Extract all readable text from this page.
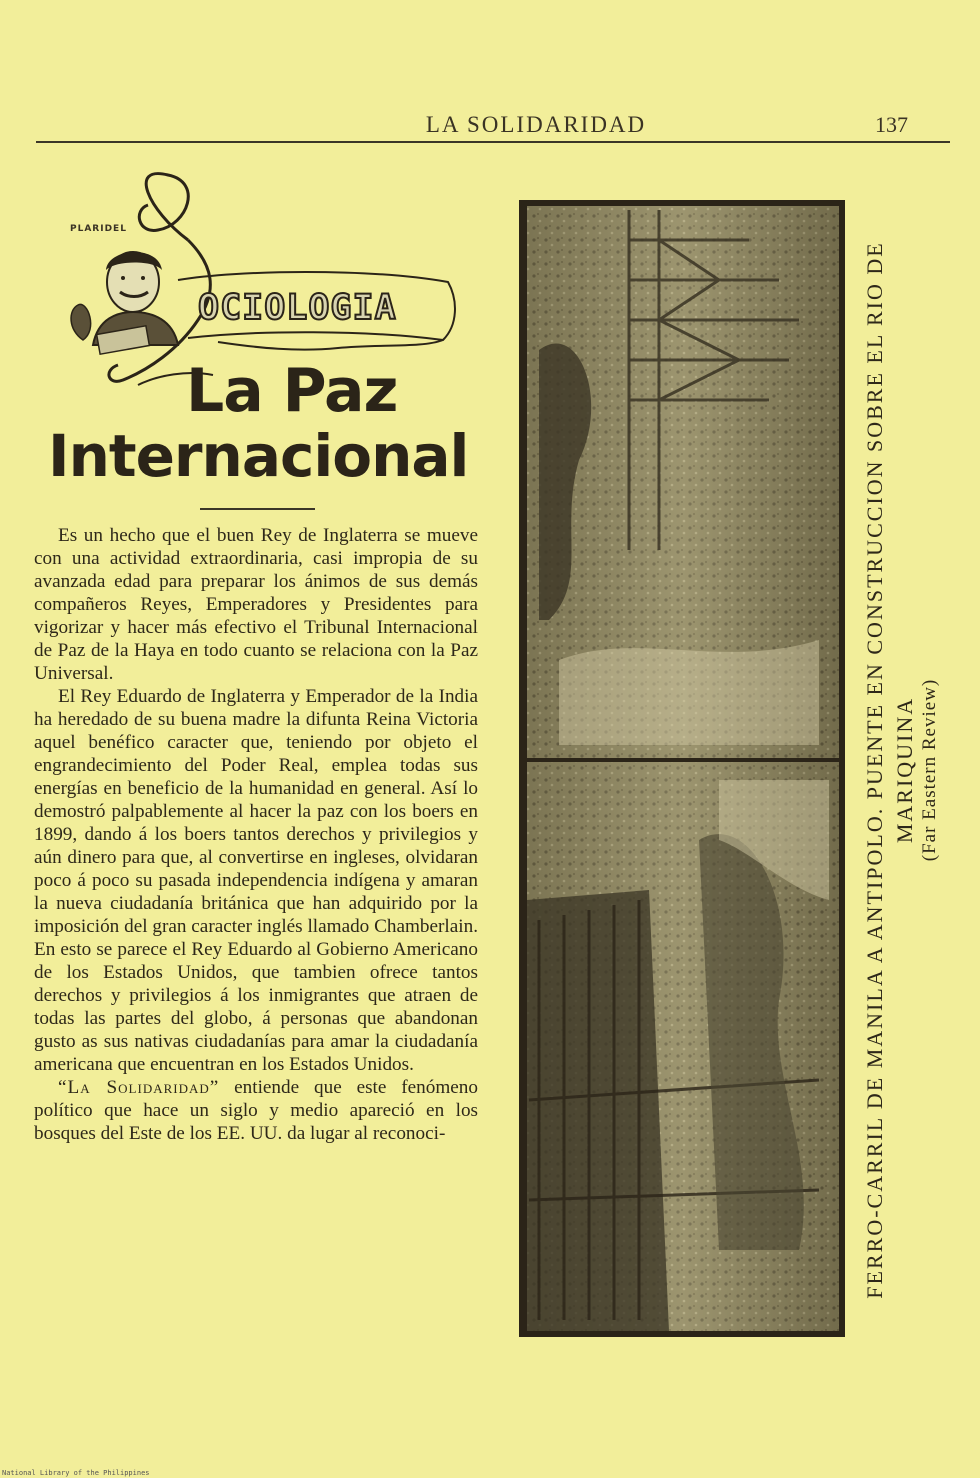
LA SOLIDARIDAD	137
PLARIDEL
OCIOLOGIA
La Paz
Internacional

Es un hecho que el buen Rey de Inglaterra se mueve con una actividad extraordinaria, casi impropia de su avanzada edad para preparar los ánimos de sus demás compañeros Reyes, Emperadores y Presidentes para vigorizar y hacer más efectivo el Tribunal Internacional de Paz de la Haya en todo cuanto se relaciona con la Paz Universal.

El Rey Eduardo de Inglaterra y Emperador de la India ha heredado de su buena madre la difunta Reina Victoria aquel benéfico caracter que, teniendo por objeto el engrandecimiento del Poder Real, emplea todas sus energías en beneficio de la humanidad en general. Así lo demostró palpablemente al hacer la paz con los boers en 1899, dando á los boers tantos derechos y privilegios y aún dinero para que, al convertirse en ingleses, olvidaran poco á poco su pasada independencia indígena y amaran la nueva ciudadanía británica que han adquirido por la imposición del gran caracter inglés llamado Chamberlain. En esto se parece el Rey Eduardo al Gobierno Americano de los Estados Unidos, que tambien ofrece tantos derechos y privilegios á los inmigrantes que atraen de todas las partes del globo, á personas que abandonan gusto as sus nativas ciudadanías para amar la ciudadanía americana que encuentran en los Estados Unidos.

“La Solidaridad” entiende que este fenómeno político que hace un siglo y medio apareció en los bosques del Este de los EE. UU. da lugar al reconoci-	FERRO-CARRIL DE MANILA A ANTIPOLO. PUENTE EN CONSTRUCCION SOBRE EL RIO DE MARIQUINA (Far Eastern Review)
National Library of the Philippines
